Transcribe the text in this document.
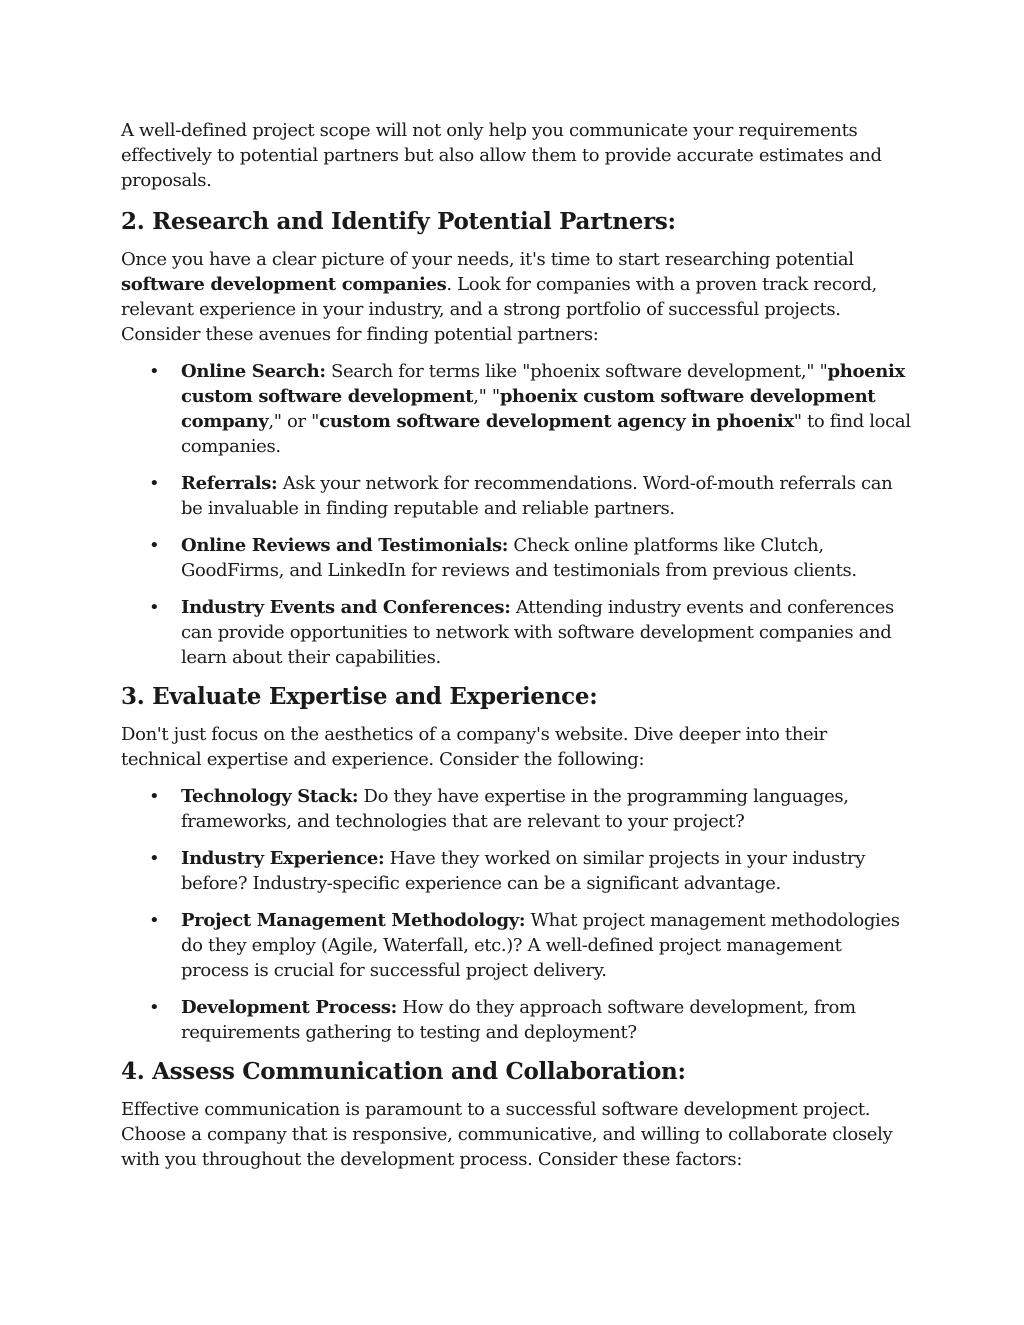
A well-defined project scope will not only help you communicate your requirements effectively to potential partners but also allow them to provide accurate estimates and proposals.

2. Research and Identify Potential Partners:

Once you have a clear picture of your needs, it's time to start researching potential software development companies. Look for companies with a proven track record, relevant experience in your industry, and a strong portfolio of successful projects. Consider these avenues for finding potential partners:

• Online Search: Search for terms like "phoenix software development," "phoenix custom software development," "phoenix custom software development company," or "custom software development agency in phoenix" to find local companies.
• Referrals: Ask your network for recommendations. Word-of-mouth referrals can be invaluable in finding reputable and reliable partners.
• Online Reviews and Testimonials: Check online platforms like Clutch, GoodFirms, and LinkedIn for reviews and testimonials from previous clients.
• Industry Events and Conferences: Attending industry events and conferences can provide opportunities to network with software development companies and learn about their capabilities.
3. Evaluate Expertise and Experience:

Don't just focus on the aesthetics of a company's website. Dive deeper into their technical expertise and experience. Consider the following:

• Technology Stack: Do they have expertise in the programming languages, frameworks, and technologies that are relevant to your project?
• Industry Experience: Have they worked on similar projects in your industry before? Industry-specific experience can be a significant advantage.
• Project Management Methodology: What project management methodologies do they employ (Agile, Waterfall, etc.)? A well-defined project management process is crucial for successful project delivery.
• Development Process: How do they approach software development, from requirements gathering to testing and deployment?
4. Assess Communication and Collaboration:

Effective communication is paramount to a successful software development project. Choose a company that is responsive, communicative, and willing to collaborate closely with you throughout the development process. Consider these factors:
